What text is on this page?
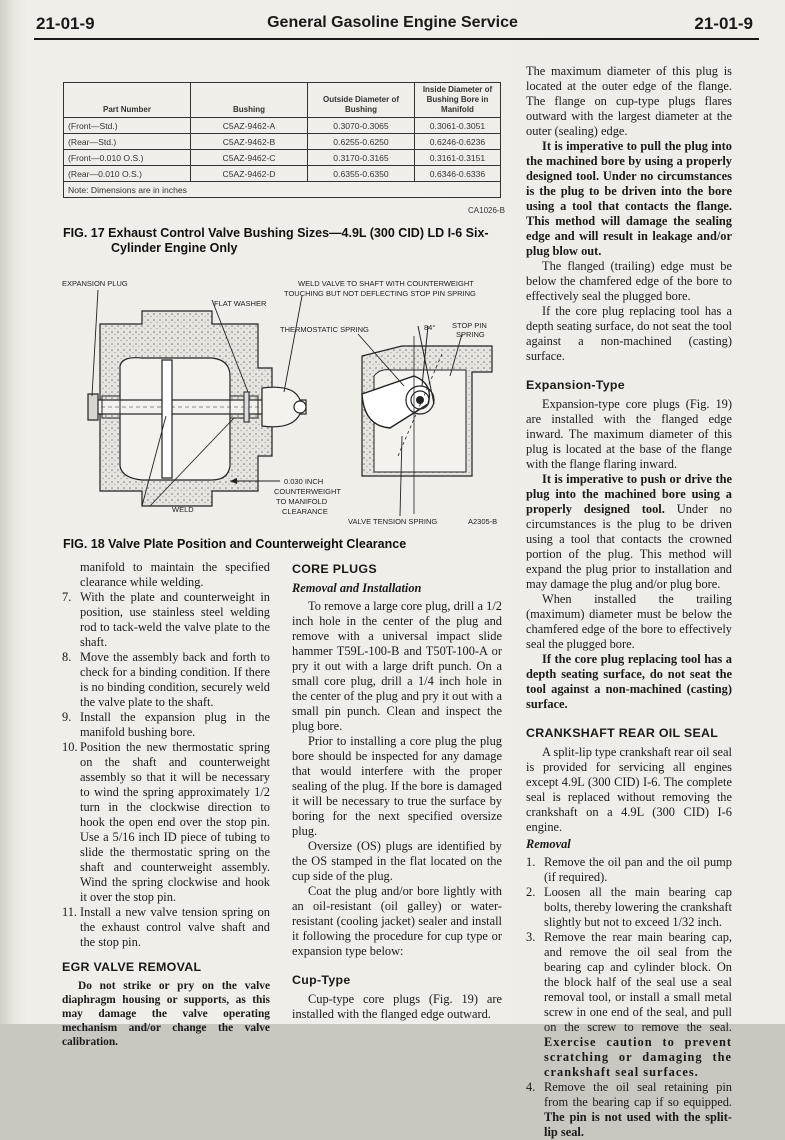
21-01-9	General Gasoline Engine Service	21-01-9
Part Number	Bushing	Outside Diameter of Bushing	Inside Diameter of Bushing Bore in Manifold
(Front—Std.)	C5AZ-9462-A	0.3070-0.3065	0.3061-0.3051
(Rear—Std.)	C5AZ-9462-B	0.6255-0.6250	0.6246-0.6236
(Front—0.010 O.S.)	C5AZ-9462-C	0.3170-0.3165	0.3161-0.3151
(Rear—0.010 O.S.)	C5AZ-9462-D	0.6355-0.6350	0.6346-0.6336
Note: Dimensions are in inches			
CA1026-B
FIG. 17 Exhaust Control Valve Bushing Sizes—4.9L (300 CID) LD I-6 Six-
Cylinder Engine Only
EXPANSION PLUG
FLAT WASHER
WELD VALVE TO SHAFT WITH COUNTERWEIGHT
TOUCHING BUT NOT DEFLECTING STOP PIN SPRING
THERMOSTATIC SPRING	84° STOP PIN
SPRING
0.030 INCH
COUNTERWEIGHT
TO MANIFOLD
CLEARANCE
WELD
VALVE TENSION SPRING	A2305-B
FIG. 18 Valve Plate Position and Counterweight Clearance

manifold to maintain the specified clearance while welding.

7. With the plate and counterweight in position, use stainless steel welding rod to tack-weld the valve plate to the shaft.
8. Move the assembly back and forth to check for a binding condition. If there is no binding condition, securely weld the valve plate to the shaft.
9. Install the expansion plug in the manifold bushing bore.
10. Position the new thermostatic spring on the shaft and counterweight assembly so that it will be necessary to wind the spring approximately 1/2 turn in the clockwise direction to hook the open end over the stop pin. Use a 5/16 inch ID piece of tubing to slide the thermostatic spring on the shaft and counterweight assembly. Wind the spring clockwise and hook it over the stop pin.
11. Install a new valve tension spring on the exhaust control valve shaft and the stop pin.
EGR VALVE REMOVAL

Do not strike or pry on the valve diaphragm housing or supports, as this may damage the valve operating mechanism and/or change the valve calibration.

CORE PLUGS
Removal and Installation

To remove a large core plug, drill a 1/2 inch hole in the center of the plug and remove with a universal impact slide hammer T59L-100-B and T50T-100-A or pry it out with a large drift punch. On a small core plug, drill a 1/4 inch hole in the center of the plug and pry it out with a small pin punch. Clean and inspect the plug bore.

Prior to installing a core plug the plug bore should be inspected for any damage that would interfere with the proper sealing of the plug. If the bore is damaged it will be necessary to true the surface by boring for the next specified oversize plug.

Oversize (OS) plugs are identified by the OS stamped in the flat located on the cup side of the plug.

Coat the plug and/or bore lightly with an oil-resistant (oil galley) or water-resistant (cooling jacket) sealer and install it following the procedure for cup type or expansion type below:

Cup-Type

Cup-type core plugs (Fig. 19) are installed with the flanged edge outward.

The maximum diameter of this plug is located at the outer edge of the flange. The flange on cup-type plugs flares outward with the largest diameter at the outer (sealing) edge.

It is imperative to pull the plug into the machined bore by using a properly designed tool. Under no circumstances is the plug to be driven into the bore using a tool that contacts the flange. This method will damage the sealing edge and will result in leakage and/or plug blow out.

The flanged (trailing) edge must be below the chamfered edge of the bore to effectively seal the plugged bore.

If the core plug replacing tool has a depth seating surface, do not seat the tool against a non-machined (casting) surface.

Expansion-Type

Expansion-type core plugs (Fig. 19) are installed with the flanged edge inward. The maximum diameter of this plug is located at the base of the flange with the flange flaring inward.

It is imperative to push or drive the plug into the machined bore using a properly designed tool. Under no circumstances is the plug to be driven using a tool that contacts the crowned portion of the plug. This method will expand the plug prior to installation and may damage the plug and/or plug bore.

When installed the trailing (maximum) diameter must be below the chamfered edge of the bore to effectively seal the plugged bore.

If the core plug replacing tool has a depth seating surface, do not seat the tool against a non-machined (casting) surface.

CRANKSHAFT REAR OIL SEAL

A split-lip type crankshaft rear oil seal is provided for servicing all engines except 4.9L (300 CID) I-6. The complete seal is replaced without removing the crankshaft on a 4.9L (300 CID) I-6 engine.

Removal
1. Remove the oil pan and the oil pump (if required).
2. Loosen all the main bearing cap bolts, thereby lowering the crankshaft slightly but not to exceed 1/32 inch.
3. Remove the rear main bearing cap, and remove the oil seal from the bearing cap and cylinder block. On the block half of the seal use a seal removal tool, or install a small metal screw in one end of the seal, and pull on the screw to remove the seal. Exercise caution to prevent scratching or damaging the crankshaft seal surfaces.
4. Remove the oil seal retaining pin from the bearing cap if so equipped. The pin is not used with the split-lip seal.
